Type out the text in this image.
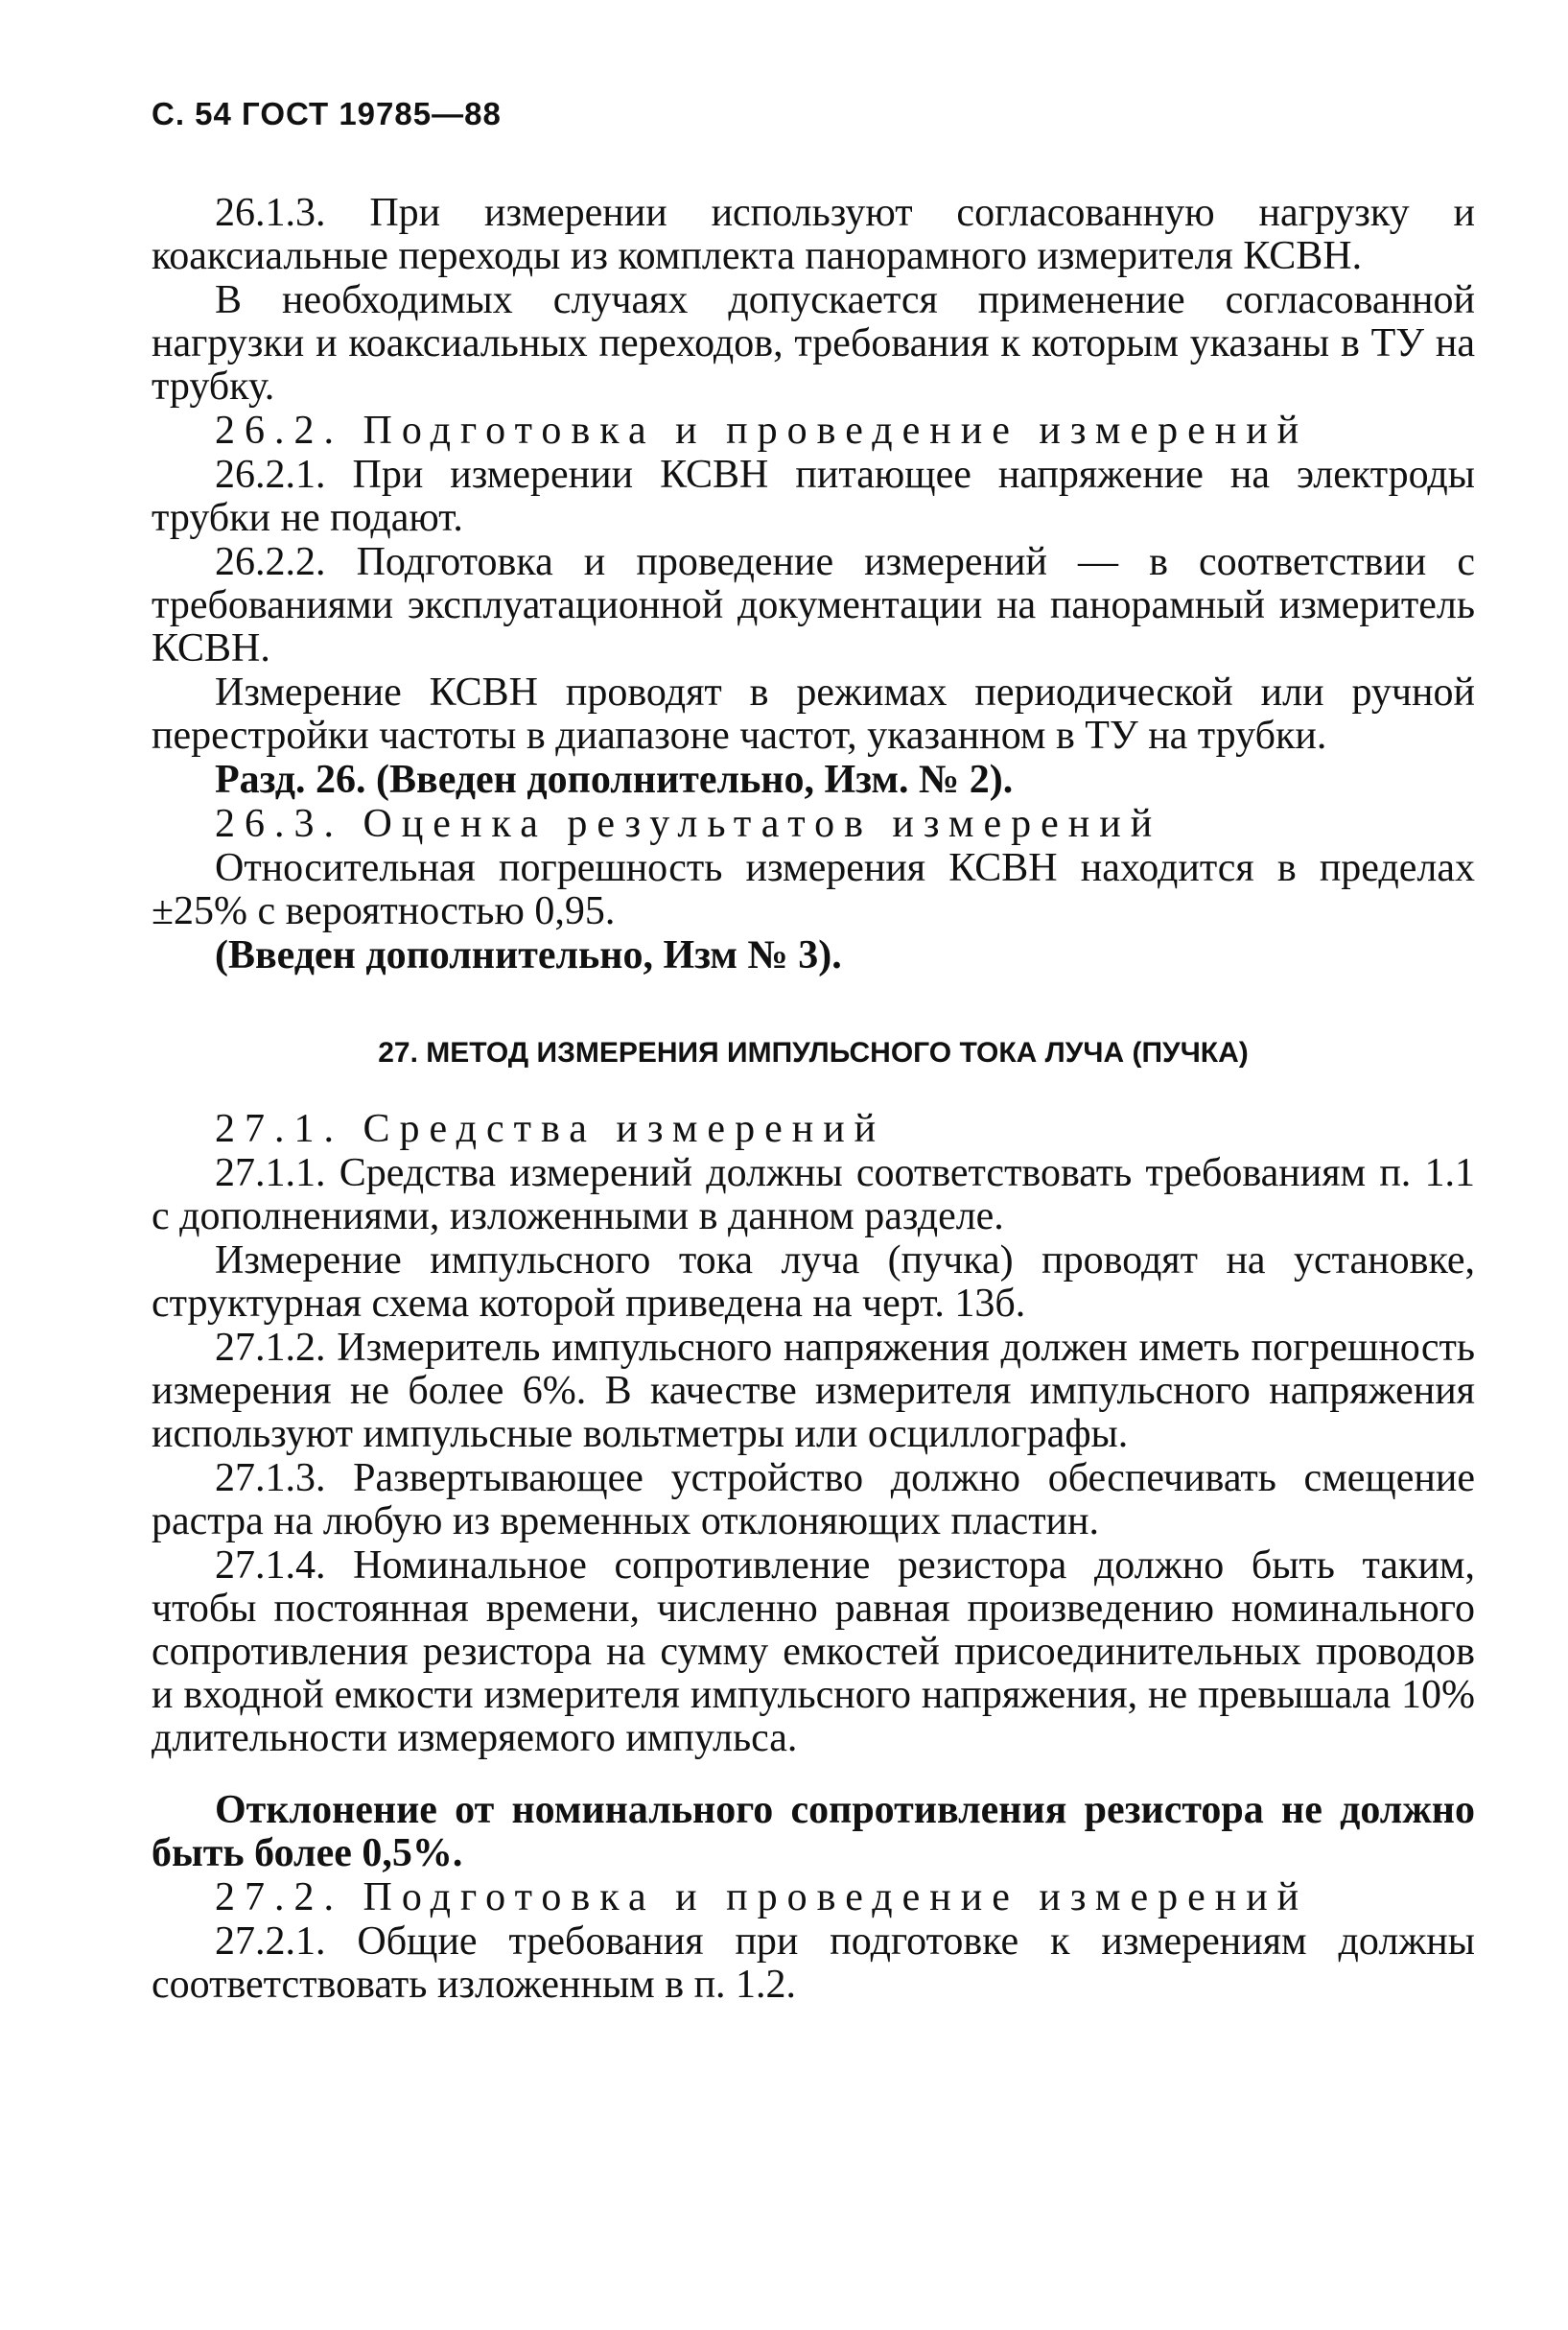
С. 54 ГОСТ 19785—88

26.1.3. При измерении используют согласованную нагрузку и коаксиальные переходы из комплекта панорамного измерителя КСВН.

В необходимых случаях допускается применение согласованной нагрузки и коаксиальных переходов, требования к которым указаны в ТУ на трубку.

26.2. Подготовка и проведение измерений

26.2.1. При измерении КСВН питающее напряжение на электроды трубки не подают.

26.2.2. Подготовка и проведение измерений — в соответствии с требованиями эксплуатационной документации на панорамный измеритель КСВН.

Измерение КСВН проводят в режимах периодической или ручной перестройки частоты в диапазоне частот, указанном в ТУ на трубки.

Разд. 26. (Введен дополнительно, Изм. № 2).

26.3. Оценка результатов измерений

Относительная погрешность измерения КСВН находится в пределах ±25% с вероятностью 0,95.

(Введен дополнительно, Изм № 3).

27. МЕТОД ИЗМЕРЕНИЯ ИМПУЛЬСНОГО ТОКА ЛУЧА (ПУЧКА)

27.1. Средства измерений

27.1.1. Средства измерений должны соответствовать требованиям п. 1.1 с дополнениями, изложенными в данном разделе.

Измерение импульсного тока луча (пучка) проводят на установке, структурная схема которой приведена на черт. 13б.

27.1.2. Измеритель импульсного напряжения должен иметь погрешность измерения не более 6%. В качестве измерителя импульсного напряжения используют импульсные вольтметры или осциллографы.

27.1.3. Развертывающее устройство должно обеспечивать смещение растра на любую из временных отклоняющих пластин.

27.1.4. Номинальное сопротивление резистора должно быть таким, чтобы постоянная времени, численно равная произведению номинального сопротивления резистора на сумму емкостей присоединительных проводов и входной емкости измерителя импульсного напряжения, не превышала 10% длительности измеряемого импульса.

Отклонение от номинального сопротивления резистора не должно быть более 0,5%.

27.2. Подготовка и проведение измерений

27.2.1. Общие требования при подготовке к измерениям должны соответствовать изложенным в п. 1.2.
